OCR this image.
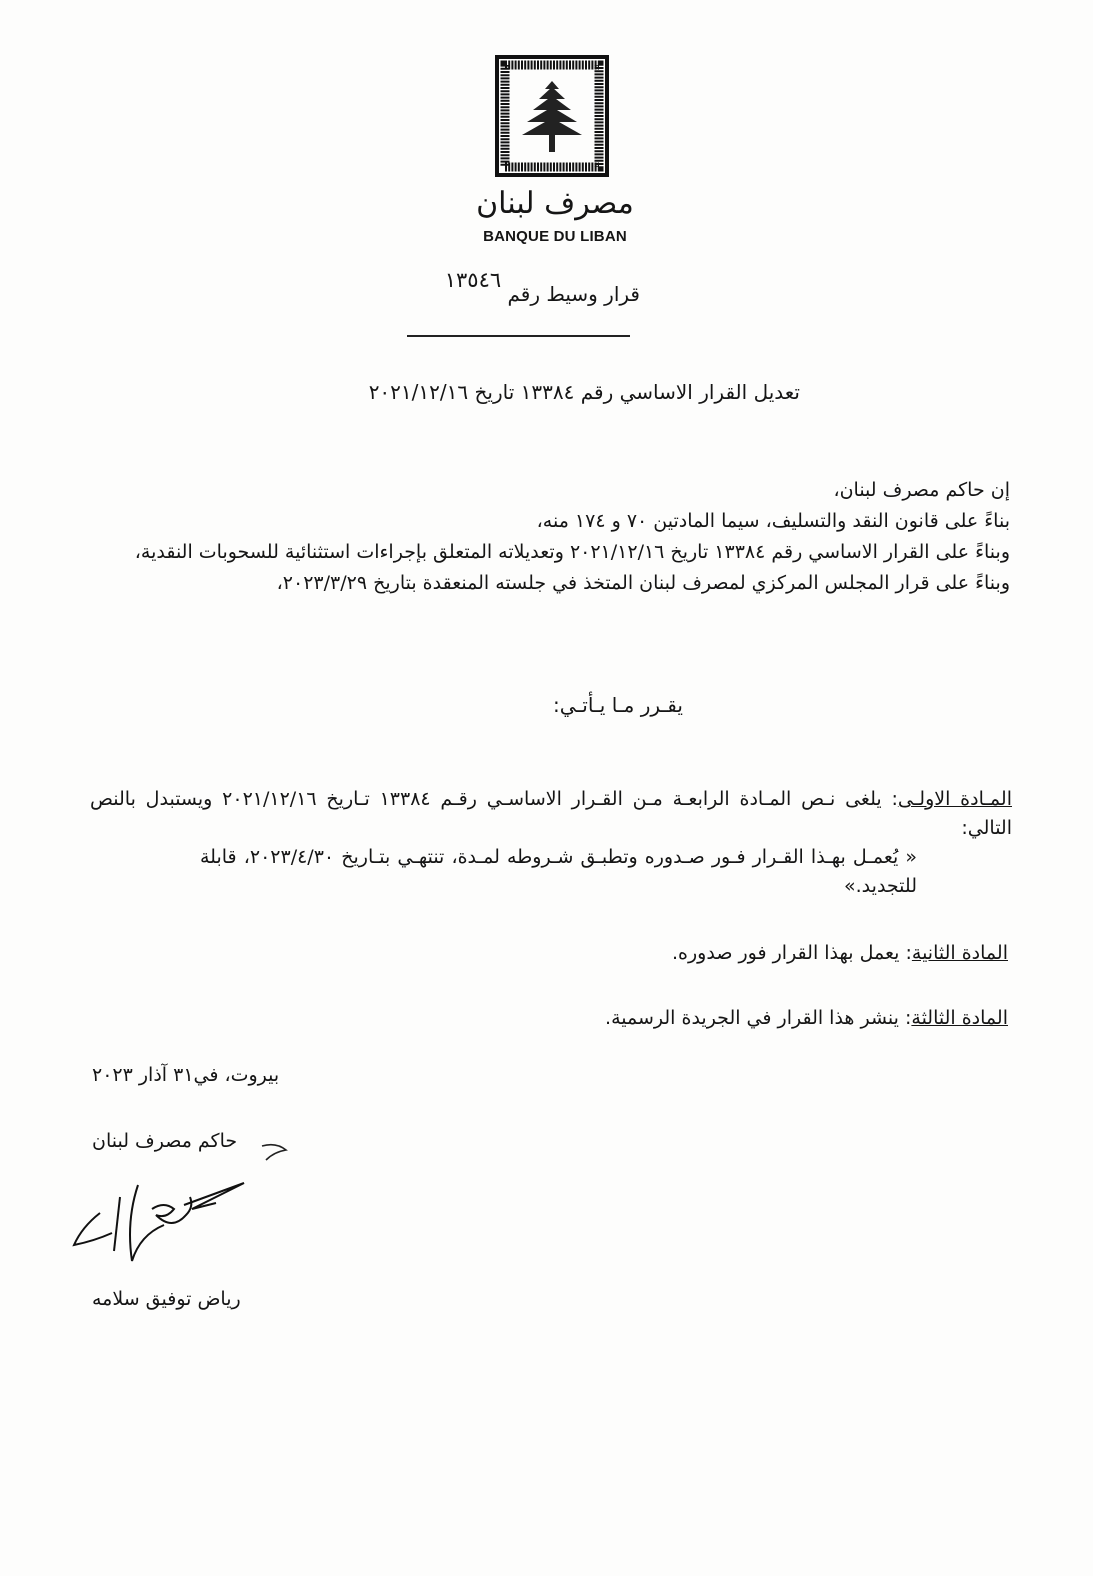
مصرف لبنان
BANQUE DU LIBAN
قرار وسيط رقم ١٣٥٤٦
تعديل القرار الاساسي رقم ١٣٣٨٤ تاريخ ٢٠٢١/١٢/١٦
إن حاكم مصرف لبنان،
بناءً على قانون النقد والتسليف، سيما المادتين ٧٠ و ١٧٤ منه،
وبناءً على القرار الاساسي رقم ١٣٣٨٤ تاريخ ٢٠٢١/١٢/١٦ وتعديلاته المتعلق بإجراءات استثنائية للسحوبات النقدية،
وبناءً على قرار المجلس المركزي لمصرف لبنان المتخذ في جلسته المنعقدة بتاريخ ٢٠٢٣/٣/٢٩،
يقـرر مـا يـأتـي:
المـادة الاولـى: يلغى نـص المـادة الرابعـة مـن القـرار الاساسـي رقـم ١٣٣٨٤ تـاريخ ٢٠٢١/١٢/١٦ ويستبدل بالنص التالي:
« يُعمـل بهـذا القـرار فـور صـدوره وتطبـق شـروطه لمـدة، تنتهـي بتـاريخ ٢٠٢٣/٤/٣٠، قابلة للتجديد.»
المادة الثانية: يعمل بهذا القرار فور صدوره.
المادة الثالثة: ينشر هذا القرار في الجريدة الرسمية.
بيروت، في٣١ آذار ٢٠٢٣
حاكم مصرف لبنان
رياض توفيق سلامه
